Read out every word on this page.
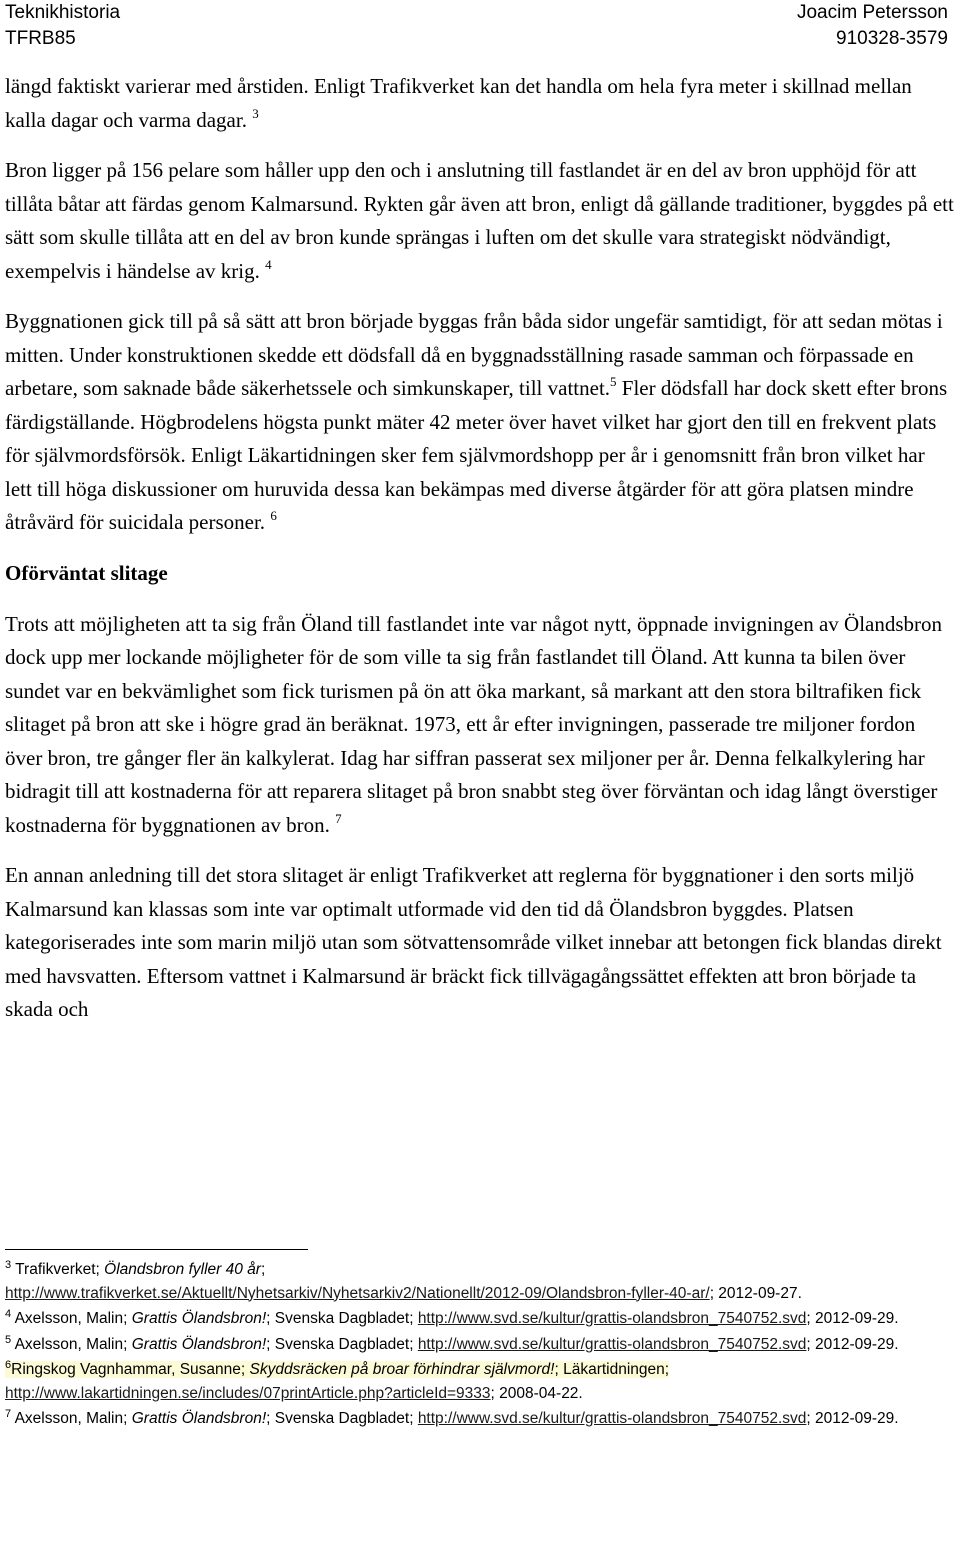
Teknikhistoria
TFRB85
Joacim Petersson
910328-3579

längd faktiskt varierar med årstiden. Enligt Trafikverket kan det handla om hela fyra meter i skillnad mellan kalla dagar och varma dagar. $^3$

Bron ligger på 156 pelare som håller upp den och i anslutning till fastlandet är en del av bron upphöjd för att tillåta båtar att färdas genom Kalmarsund. Rykten går även att bron, enligt då gällande traditioner, byggdes på ett sätt som skulle tillåta att en del av bron kunde sprängas i luften om det skulle vara strategiskt nödvändigt, exempelvis i händelse av krig. $^4$

Byggnationen gick till på så sätt att bron började byggas från båda sidor ungefär samtidigt, för att sedan mötas i mitten. Under konstruktionen skedde ett dödsfall då en byggnadsställning rasade samman och förpassade en arbetare, som saknade både säkerhetssele och simkunskaper, till vattnet.$^5$ Fler dödsfall har dock skett efter brons färdigställande. Högbrodelens högsta punkt mäter 42 meter över havet vilket har gjort den till en frekvent plats för självmordsförsök. Enligt Läkartidningen sker fem självmordshopp per år i genomsnitt från bron vilket har lett till höga diskussioner om huruvida dessa kan bekämpas med diverse åtgärder för att göra platsen mindre åtråvärd för suicidala personer. $^6$

Oförväntat slitage

Trots att möjligheten att ta sig från Öland till fastlandet inte var något nytt, öppnade invigningen av Ölandsbron dock upp mer lockande möjligheter för de som ville ta sig från fastlandet till Öland. Att kunna ta bilen över sundet var en bekvämlighet som fick turismen på ön att öka markant, så markant att den stora biltrafiken fick slitaget på bron att ske i högre grad än beräknat. 1973, ett år efter invigningen, passerade tre miljoner fordon över bron, tre gånger fler än kalkylerat. Idag har siffran passerat sex miljoner per år. Denna felkalkylering har bidragit till att kostnaderna för att reparera slitaget på bron snabbt steg över förväntan och idag långt överstiger kostnaderna för byggnationen av bron. $^7$

En annan anledning till det stora slitaget är enligt Trafikverket att reglerna för byggnationer i den sorts miljö Kalmarsund kan klassas som inte var optimalt utformade vid den tid då Ölandsbron byggdes. Platsen kategoriserades inte som marin miljö utan som sötvattensområde vilket innebar att betongen fick blandas direkt med havsvatten. Eftersom vattnet i Kalmarsund är bräckt fick tillvägagångssättet effekten att bron började ta skada och

$^3$ Trafikverket; Ölandsbron fyller 40 år;
http://www.trafikverket.se/Aktuellt/Nyhetsarkiv/Nyhetsarkiv2/Nationellt/2012-09/Olandsbron-fyller-40-ar/; 2012-09-27.
$^4$ Axelsson, Malin; Grattis Ölandsbron!; Svenska Dagbladet; http://www.svd.se/kultur/grattis-olandsbron_7540752.svd; 2012-09-29.
$^5$ Axelsson, Malin; Grattis Ölandsbron!; Svenska Dagbladet; http://www.svd.se/kultur/grattis-olandsbron_7540752.svd; 2012-09-29.
$^6$Ringskog Vagnhammar, Susanne; Skyddsräcken på broar förhindrar självmord!; Läkartidningen; http://www.lakartidningen.se/includes/07printArticle.php?articleId=9333; 2008-04-22.
$^7$ Axelsson, Malin; Grattis Ölandsbron!; Svenska Dagbladet; http://www.svd.se/kultur/grattis-olandsbron_7540752.svd; 2012-09-29.
